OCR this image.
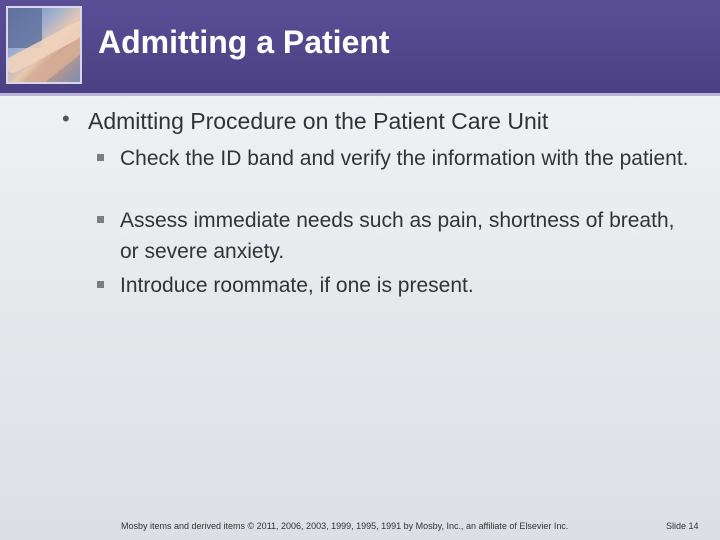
Admitting a Patient
• Admitting Procedure on the Patient Care Unit
Check the ID band and verify the information with the patient.
Assess immediate needs such as pain, shortness of breath, or severe anxiety.
Introduce roommate, if one is present.
Mosby items and derived items © 2011, 2006, 2003, 1999, 1995, 1991 by Mosby, Inc., an affiliate of Elsevier Inc.	Slide 14
